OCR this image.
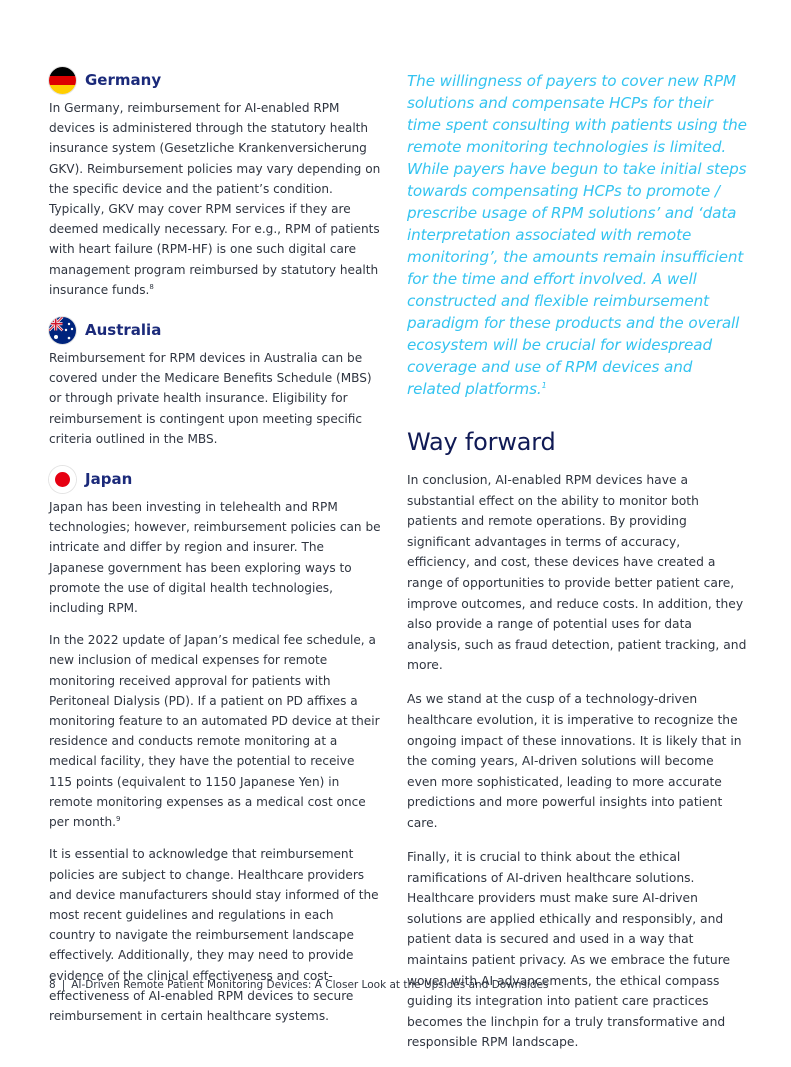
Germany

In Germany, reimbursement for AI-enabled RPM devices is administered through the statutory health insurance system (Gesetzliche Krankenversicherung GKV). Reimbursement policies may vary depending on the specific device and the patient’s condition. Typically, GKV may cover RPM services if they are deemed medically necessary. For e.g., RPM of patients with heart failure (RPM-HF) is one such digital care management program reimbursed by statutory health insurance funds.$^8$

Australia

Reimbursement for RPM devices in Australia can be covered under the Medicare Benefits Schedule (MBS) or through private health insurance. Eligibility for reimbursement is contingent upon meeting specific criteria outlined in the MBS.

Japan

Japan has been investing in telehealth and RPM technologies; however, reimbursement policies can be intricate and differ by region and insurer. The Japanese government has been exploring ways to promote the use of digital health technologies, including RPM.

In the 2022 update of Japan’s medical fee schedule, a new inclusion of medical expenses for remote monitoring received approval for patients with Peritoneal Dialysis (PD). If a patient on PD affixes a monitoring feature to an automated PD device at their residence and conducts remote monitoring at a medical facility, they have the potential to receive 115 points (equivalent to 1150 Japanese Yen) in remote monitoring expenses as a medical cost once per month.$^9$

It is essential to acknowledge that reimbursement policies are subject to change. Healthcare providers and device manufacturers should stay informed of the most recent guidelines and regulations in each country to navigate the reimbursement landscape effectively. Additionally, they may need to provide evidence of the clinical effectiveness and cost-effectiveness of AI-enabled RPM devices to secure reimbursement in certain healthcare systems.

The willingness of payers to cover new RPM solutions and compensate HCPs for their time spent consulting with patients using the remote monitoring technologies is limited. While payers have begun to take initial steps towards compensating HCPs to promote / prescribe usage of RPM solutions’ and ‘data interpretation associated with remote monitoring’, the amounts remain insufficient for the time and effort involved. A well constructed and flexible reimbursement paradigm for these products and the overall ecosystem will be crucial for widespread coverage and use of RPM devices and related platforms.$^1$

Way forward

In conclusion, AI-enabled RPM devices have a substantial effect on the ability to monitor both patients and remote operations. By providing significant advantages in terms of accuracy, efficiency, and cost, these devices have created a range of opportunities to provide better patient care, improve outcomes, and reduce costs. In addition, they also provide a range of potential uses for data analysis, such as fraud detection, patient tracking, and more.

As we stand at the cusp of a technology-driven healthcare evolution, it is imperative to recognize the ongoing impact of these innovations. It is likely that in the coming years, AI-driven solutions will become even more sophisticated, leading to more accurate predictions and more powerful insights into patient care.

Finally, it is crucial to think about the ethical ramifications of AI-driven healthcare solutions. Healthcare providers must make sure AI-driven solutions are applied ethically and responsibly, and patient data is secured and used in a way that maintains patient privacy. As we embrace the future woven with AI advancements, the ethical compass guiding its integration into patient care practices becomes the linchpin for a truly transformative and responsible RPM landscape.

8 | AI-Driven Remote Patient Monitoring Devices: A Closer Look at the Upsides and Downsides
